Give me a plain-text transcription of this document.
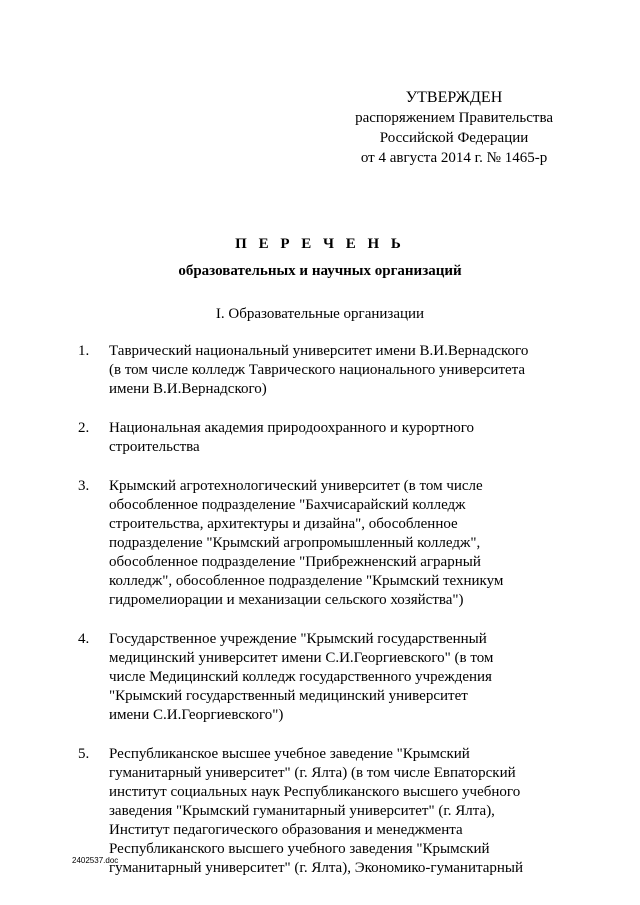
УТВЕРЖДЕН
распоряжением Правительства
Российской Федерации
от 4 августа 2014 г. № 1465-р
П Е Р Е Ч Е Н Ь
образовательных и научных организаций
I. Образовательные организации
1.	Таврический национальный университет имени В.И.Вернадского
(в том числе колледж Таврического национального университета
имени В.И.Вернадского)
2.	Национальная академия природоохранного и курортного
строительства
3.	Крымский агротехнологический университет (в том числе
обособленное подразделение "Бахчисарайский колледж
строительства, архитектуры и дизайна", обособленное
подразделение "Крымский агропромышленный колледж",
обособленное подразделение "Прибрежненский аграрный
колледж", обособленное подразделение "Крымский техникум
гидромелиорации и механизации сельского хозяйства")
4.	Государственное учреждение "Крымский государственный
медицинский университет имени С.И.Георгиевского" (в том
числе Медицинский колледж государственного учреждения
"Крымский государственный медицинский университет
имени С.И.Георгиевского")
5.	Республиканское высшее учебное заведение "Крымский
гуманитарный университет" (г. Ялта) (в том числе Евпаторский
институт социальных наук Республиканского высшего учебного
заведения "Крымский гуманитарный университет" (г. Ялта),
Институт педагогического образования и менеджмента
Республиканского высшего учебного заведения "Крымский
гуманитарный университет" (г. Ялта), Экономико-гуманитарный
2402537.doc
